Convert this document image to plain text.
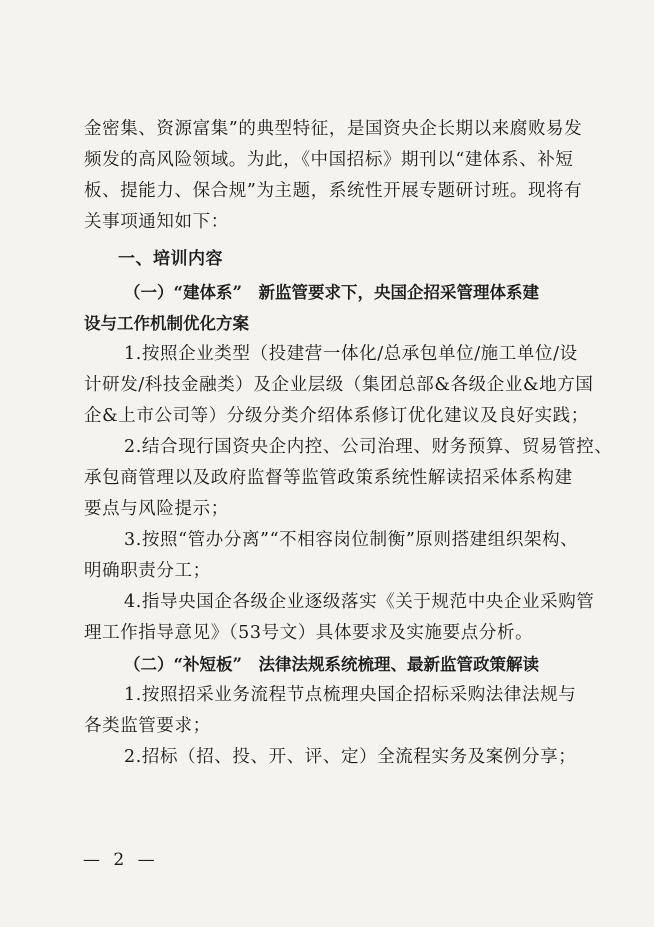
金密集、资源富集”的典型特征，是国资央企长期以来腐败易发
频发的高风险领域。为此，《中国招标》期刊以“建体系、补短
板、提能力、保合规”为主题，系统性开展专题研讨班。现将有
关事项通知如下：
一、培训内容
（一）“建体系”　新监管要求下，央国企招采管理体系建
设与工作机制优化方案
1.按照企业类型（投建营一体化/总承包单位/施工单位/设
计研发/科技金融类）及企业层级（集团总部&各级企业&地方国
企&上市公司等）分级分类介绍体系修订优化建议及良好实践；
2.结合现行国资央企内控、公司治理、财务预算、贸易管控、
承包商管理以及政府监督等监管政策系统性解读招采体系构建
要点与风险提示；
3.按照“管办分离”“不相容岗位制衡”原则搭建组织架构、
明确职责分工；
4.指导央国企各级企业逐级落实《关于规范中央企业采购管
理工作指导意见》（53号文）具体要求及实施要点分析。
（二）“补短板”　法律法规系统梳理、最新监管政策解读
1.按照招采业务流程节点梳理央国企招标采购法律法规与
各类监管要求；
2.招标（招、投、开、评、定）全流程实务及案例分享；
— 2 —
